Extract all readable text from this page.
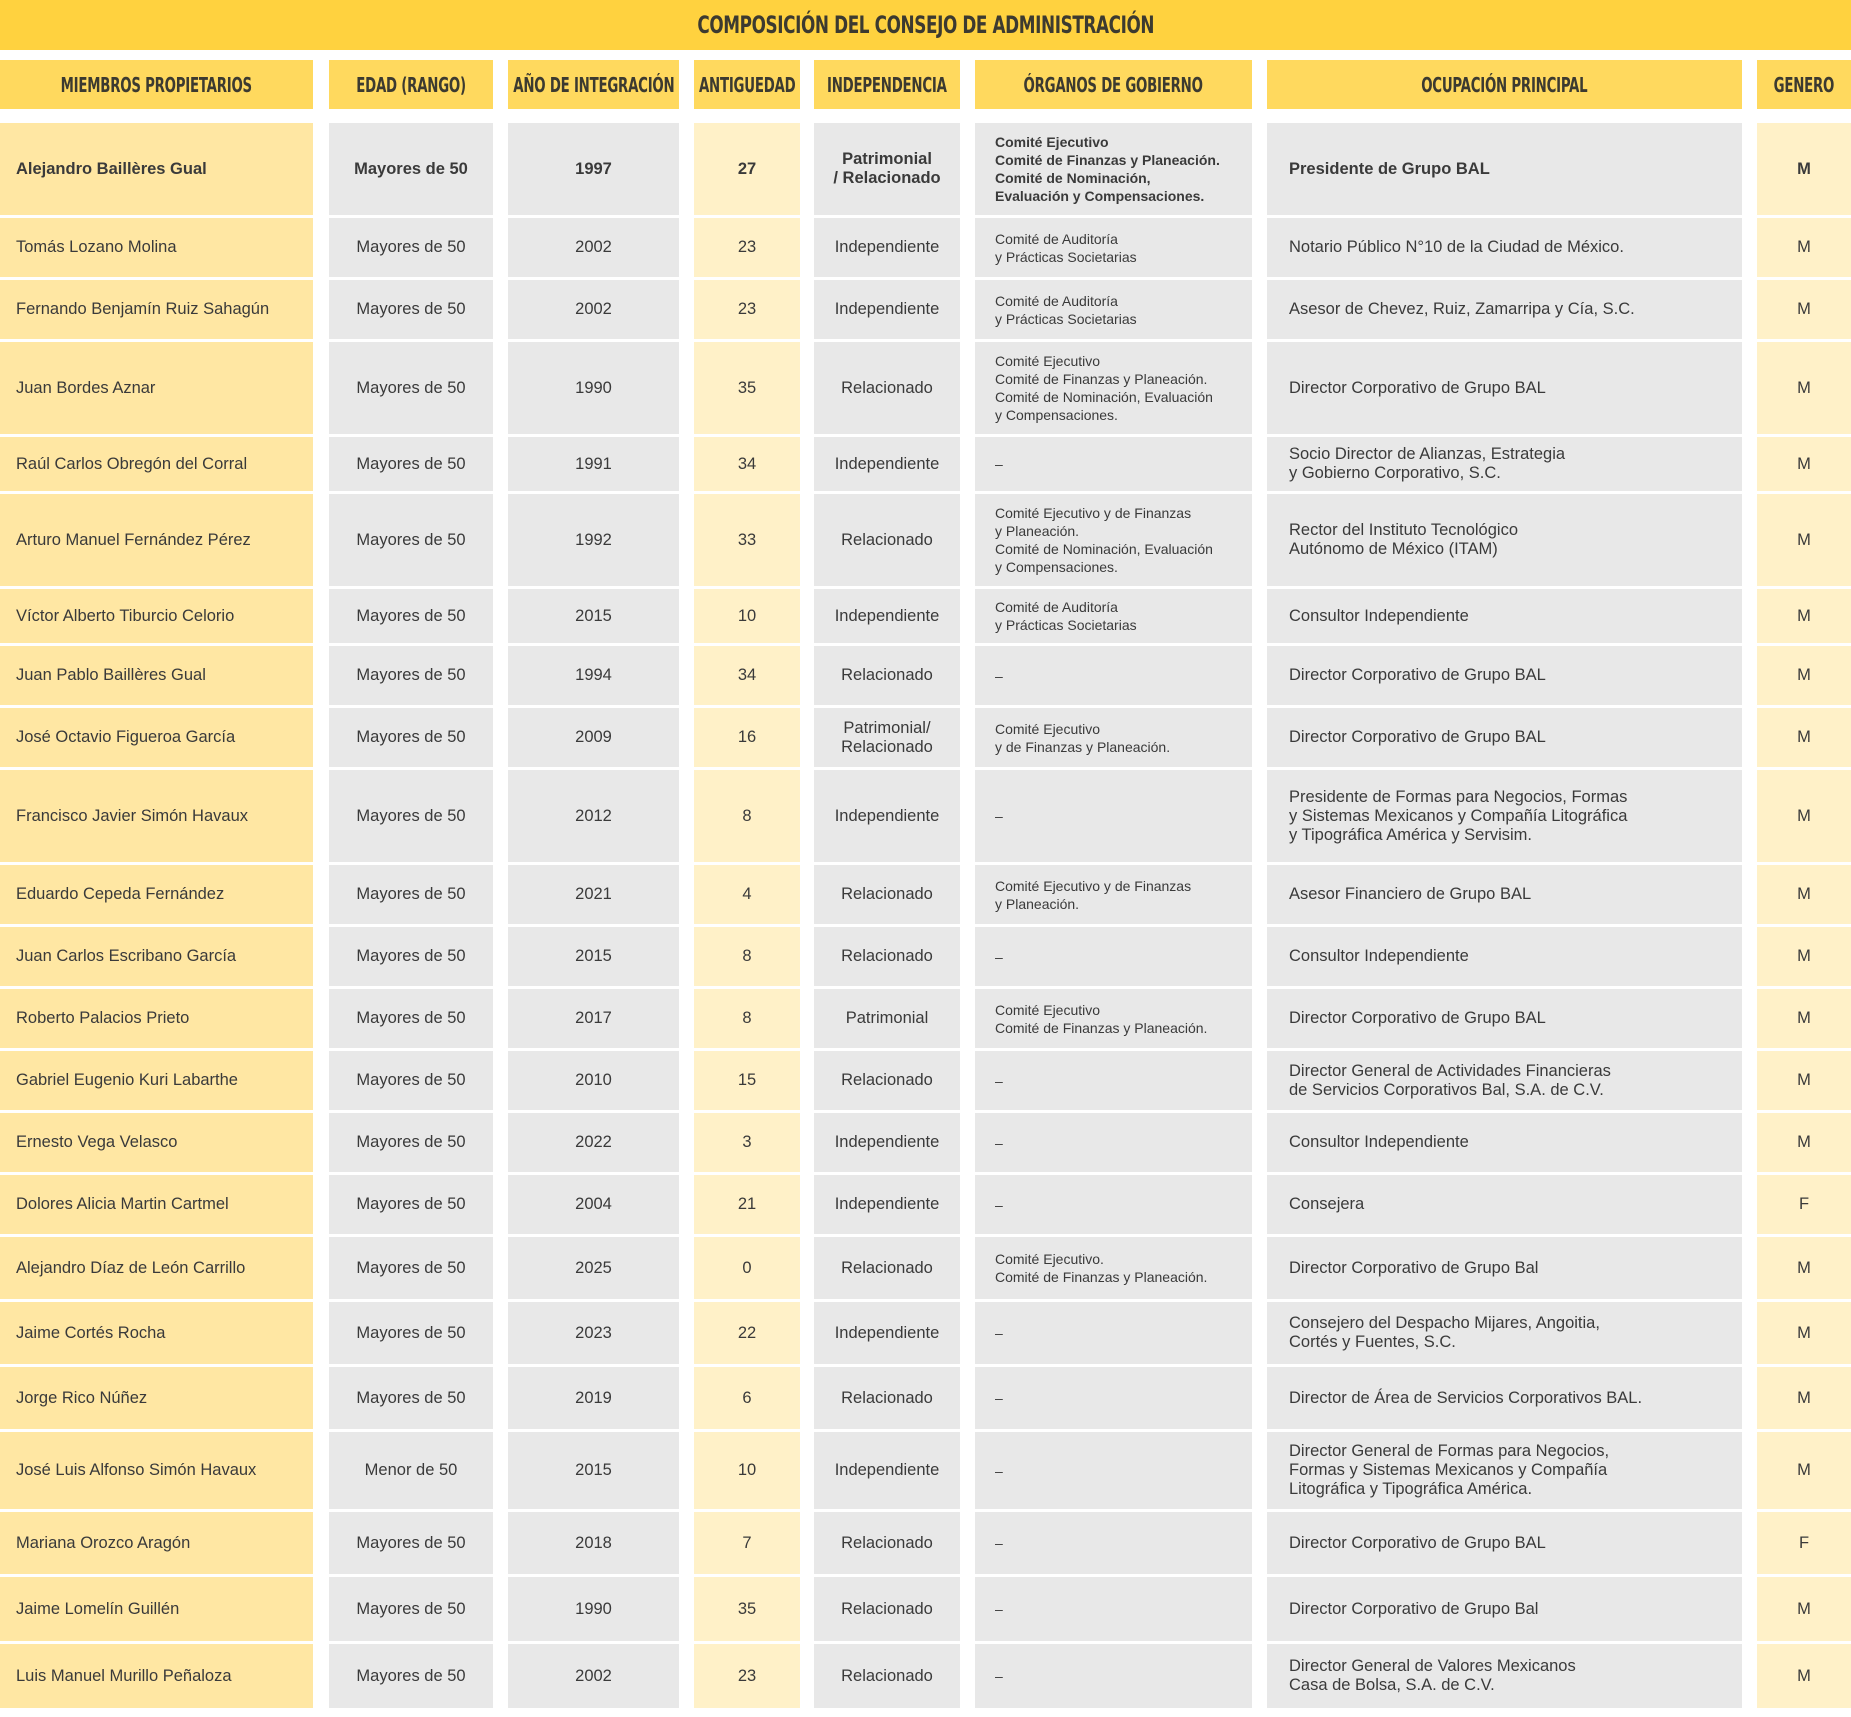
COMPOSICIÓN DEL CONSEJO DE ADMINISTRACIÓN
MIEMBROS PROPIETARIOS	EDAD (RANGO)	AÑO DE INTEGRACIÓN	ANTIGUEDAD	INDEPENDENCIA	ÓRGANOS DE GOBIERNO	OCUPACIÓN PRINCIPAL	GENERO

Alejandro Baillères Gual	Mayores de 50	1997	27	Patrimonial
/ Relacionado	Comité Ejecutivo
Comité de Finanzas y Planeación.
Comité de Nominación,
Evaluación y Compensaciones.	Presidente de Grupo BAL	M

Tomás Lozano Molina	Mayores de 50	2002	23	Independiente	Comité de Auditoría
y Prácticas Societarias	Notario Público N°10 de la Ciudad de México.	M

Fernando Benjamín Ruiz Sahagún	Mayores de 50	2002	23	Independiente	Comité de Auditoría
y Prácticas Societarias	Asesor de Chevez, Ruiz, Zamarripa y Cía, S.C.	M

Juan Bordes Aznar	Mayores de 50	1990	35	Relacionado	Comité Ejecutivo
Comité de Finanzas y Planeación.
Comité de Nominación, Evaluación
y Compensaciones.	Director Corporativo de Grupo BAL	M

Raúl Carlos Obregón del Corral	Mayores de 50	1991	34	Independiente	–	Socio Director de Alianzas, Estrategia
y Gobierno Corporativo, S.C.	M

Arturo Manuel Fernández Pérez	Mayores de 50	1992	33	Relacionado	Comité Ejecutivo y de Finanzas
y Planeación.
Comité de Nominación, Evaluación
y Compensaciones.	Rector del Instituto Tecnológico
Autónomo de México (ITAM)	M

Víctor Alberto Tiburcio Celorio	Mayores de 50	2015	10	Independiente	Comité de Auditoría
y Prácticas Societarias	Consultor Independiente	M

Juan Pablo Baillères Gual	Mayores de 50	1994	34	Relacionado	–	Director Corporativo de Grupo BAL	M

José Octavio Figueroa García	Mayores de 50	2009	16	Patrimonial/
Relacionado	Comité Ejecutivo
y de Finanzas y Planeación.	Director Corporativo de Grupo BAL	M

Francisco Javier Simón Havaux	Mayores de 50	2012	8	Independiente	–	Presidente de Formas para Negocios, Formas
y Sistemas Mexicanos y Compañía Litográfica
y Tipográfica América y Servisim.	M

Eduardo Cepeda Fernández	Mayores de 50	2021	4	Relacionado	Comité Ejecutivo y de Finanzas
y Planeación.	Asesor Financiero de Grupo BAL	M

Juan Carlos Escribano García	Mayores de 50	2015	8	Relacionado	–	Consultor Independiente	M

Roberto Palacios Prieto	Mayores de 50	2017	8	Patrimonial	Comité Ejecutivo
Comité de Finanzas y Planeación.	Director Corporativo de Grupo BAL	M

Gabriel Eugenio Kuri Labarthe	Mayores de 50	2010	15	Relacionado	–	Director General de Actividades Financieras
de Servicios Corporativos Bal, S.A. de C.V.	M

Ernesto Vega Velasco	Mayores de 50	2022	3	Independiente	–	Consultor Independiente	M

Dolores Alicia Martin Cartmel	Mayores de 50	2004	21	Independiente	–	Consejera	F

Alejandro Díaz de León Carrillo	Mayores de 50	2025	0	Relacionado	Comité Ejecutivo.
Comité de Finanzas y Planeación.	Director Corporativo de Grupo Bal	M

Jaime Cortés Rocha	Mayores de 50	2023	22	Independiente	–	Consejero del Despacho Mijares, Angoitia,
Cortés y Fuentes, S.C.	M

Jorge Rico Núñez	Mayores de 50	2019	6	Relacionado	–	Director de Área de Servicios Corporativos BAL.	M

José Luis Alfonso Simón Havaux	Menor de 50	2015	10	Independiente	–	Director General de Formas para Negocios,
Formas y Sistemas Mexicanos y Compañía
Litográfica y Tipográfica América.	M

Mariana Orozco Aragón	Mayores de 50	2018	7	Relacionado	–	Director Corporativo de Grupo BAL	F

Jaime Lomelín Guillén	Mayores de 50	1990	35	Relacionado	–	Director Corporativo de Grupo Bal	M

Luis Manuel Murillo Peñaloza	Mayores de 50	2002	23	Relacionado	–	Director General de Valores Mexicanos
Casa de Bolsa, S.A. de C.V.	M
